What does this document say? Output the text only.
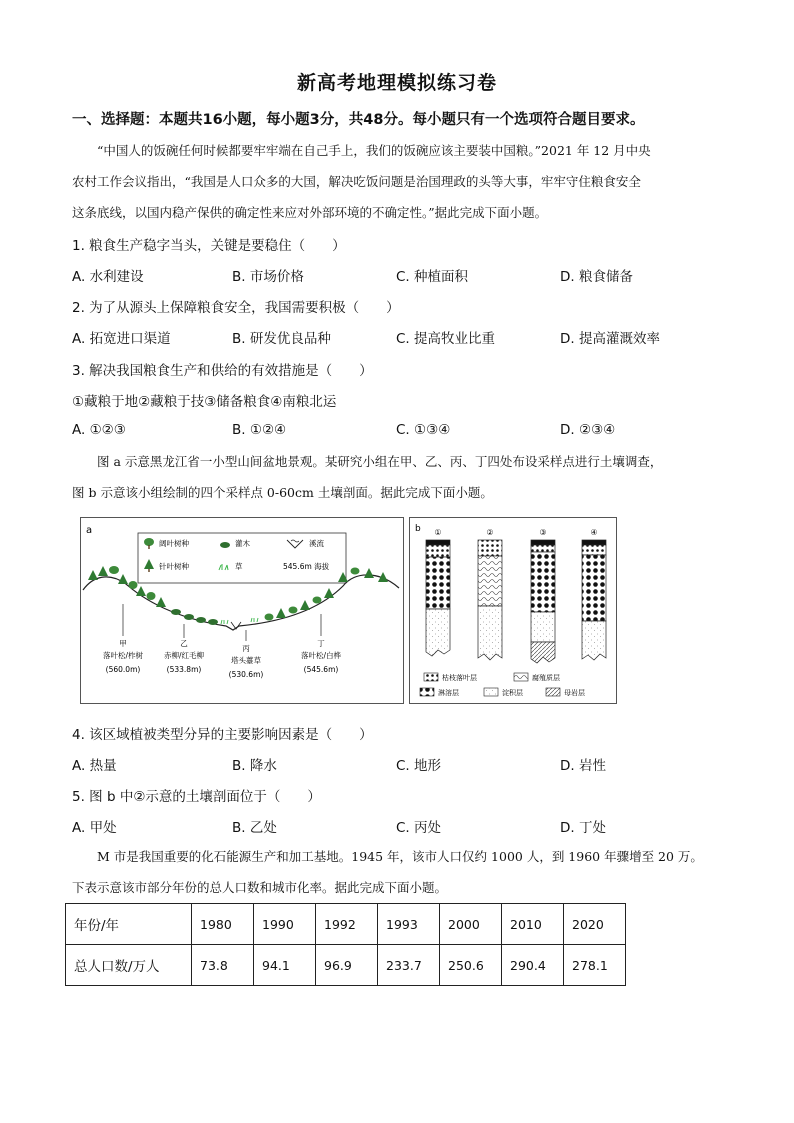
新高考地理模拟练习卷
一、选择题：本题共16小题，每小题3分，共48分。每小题只有一个选项符合题目要求。

“中国人的饭碗任何时候都要牢牢端在自己手上，我们的饭碗应该主要装中国粮。”2021 年 12 月中央

农村工作会议指出，“我国是人口众多的大国，解决吃饭问题是治国理政的头等大事，牢牢守住粮食安全
这条底线，以国内稳产保供的确定性来应对外部环境的不确定性。”据此完成下面小题。
1. 粮食生产稳字当头，关键是要稳住（　　）
A. 水利建设	B. 市场价格	C. 种植面积	D. 粮食储备
2. 为了从源头上保障粮食安全，我国需要积极（　　）
A. 拓宽进口渠道	B. 研发优良品种	C. 提高牧业比重	D. 提高灌溉效率
3. 解决我国粮食生产和供给的有效措施是（　　）
①藏粮于地②藏粮于技③储备粮食④南粮北运
A. ①②③	B. ①②④	C. ①③④	D. ②③④

图 a 示意黑龙江省一小型山间盆地景观。某研究小组在甲、乙、丙、丁四处布设采样点进行土壤调查，

图 b 示意该小组绘制的四个采样点 0-60cm 土壤剖面。据此完成下面小题。
a
阔叶树种	灌木	溪流
针叶树种	草	545.6m 海拔
甲
落叶松/柞树
(560.0m)
乙
赤柳/红毛柳
(533.8m)
丙
塔头薹草
(530.6m)
丁
落叶松/白桦
(545.6m)
b ①	②	③	④
枯枝落叶层	腐殖质层
淋溶层	淀积层	母岩层
4. 该区域植被类型分异的主要影响因素是（　　）
A. 热量	B. 降水	C. 地形	D. 岩性
5. 图 b 中②示意的土壤剖面位于（　　）
A. 甲处	B. 乙处	C. 丙处	D. 丁处

M 市是我国重要的化石能源生产和加工基地。1945 年，该市人口仅约 1000 人，到 1960 年骤增至 20 万。

下表示意该市部分年份的总人口数和城市化率。据此完成下面小题。
年份/年	1980	1990	1992	1993	2000	2010	2020
总人口数/万人	73.8	94.1	96.9	233.7	250.6	290.4	278.1
